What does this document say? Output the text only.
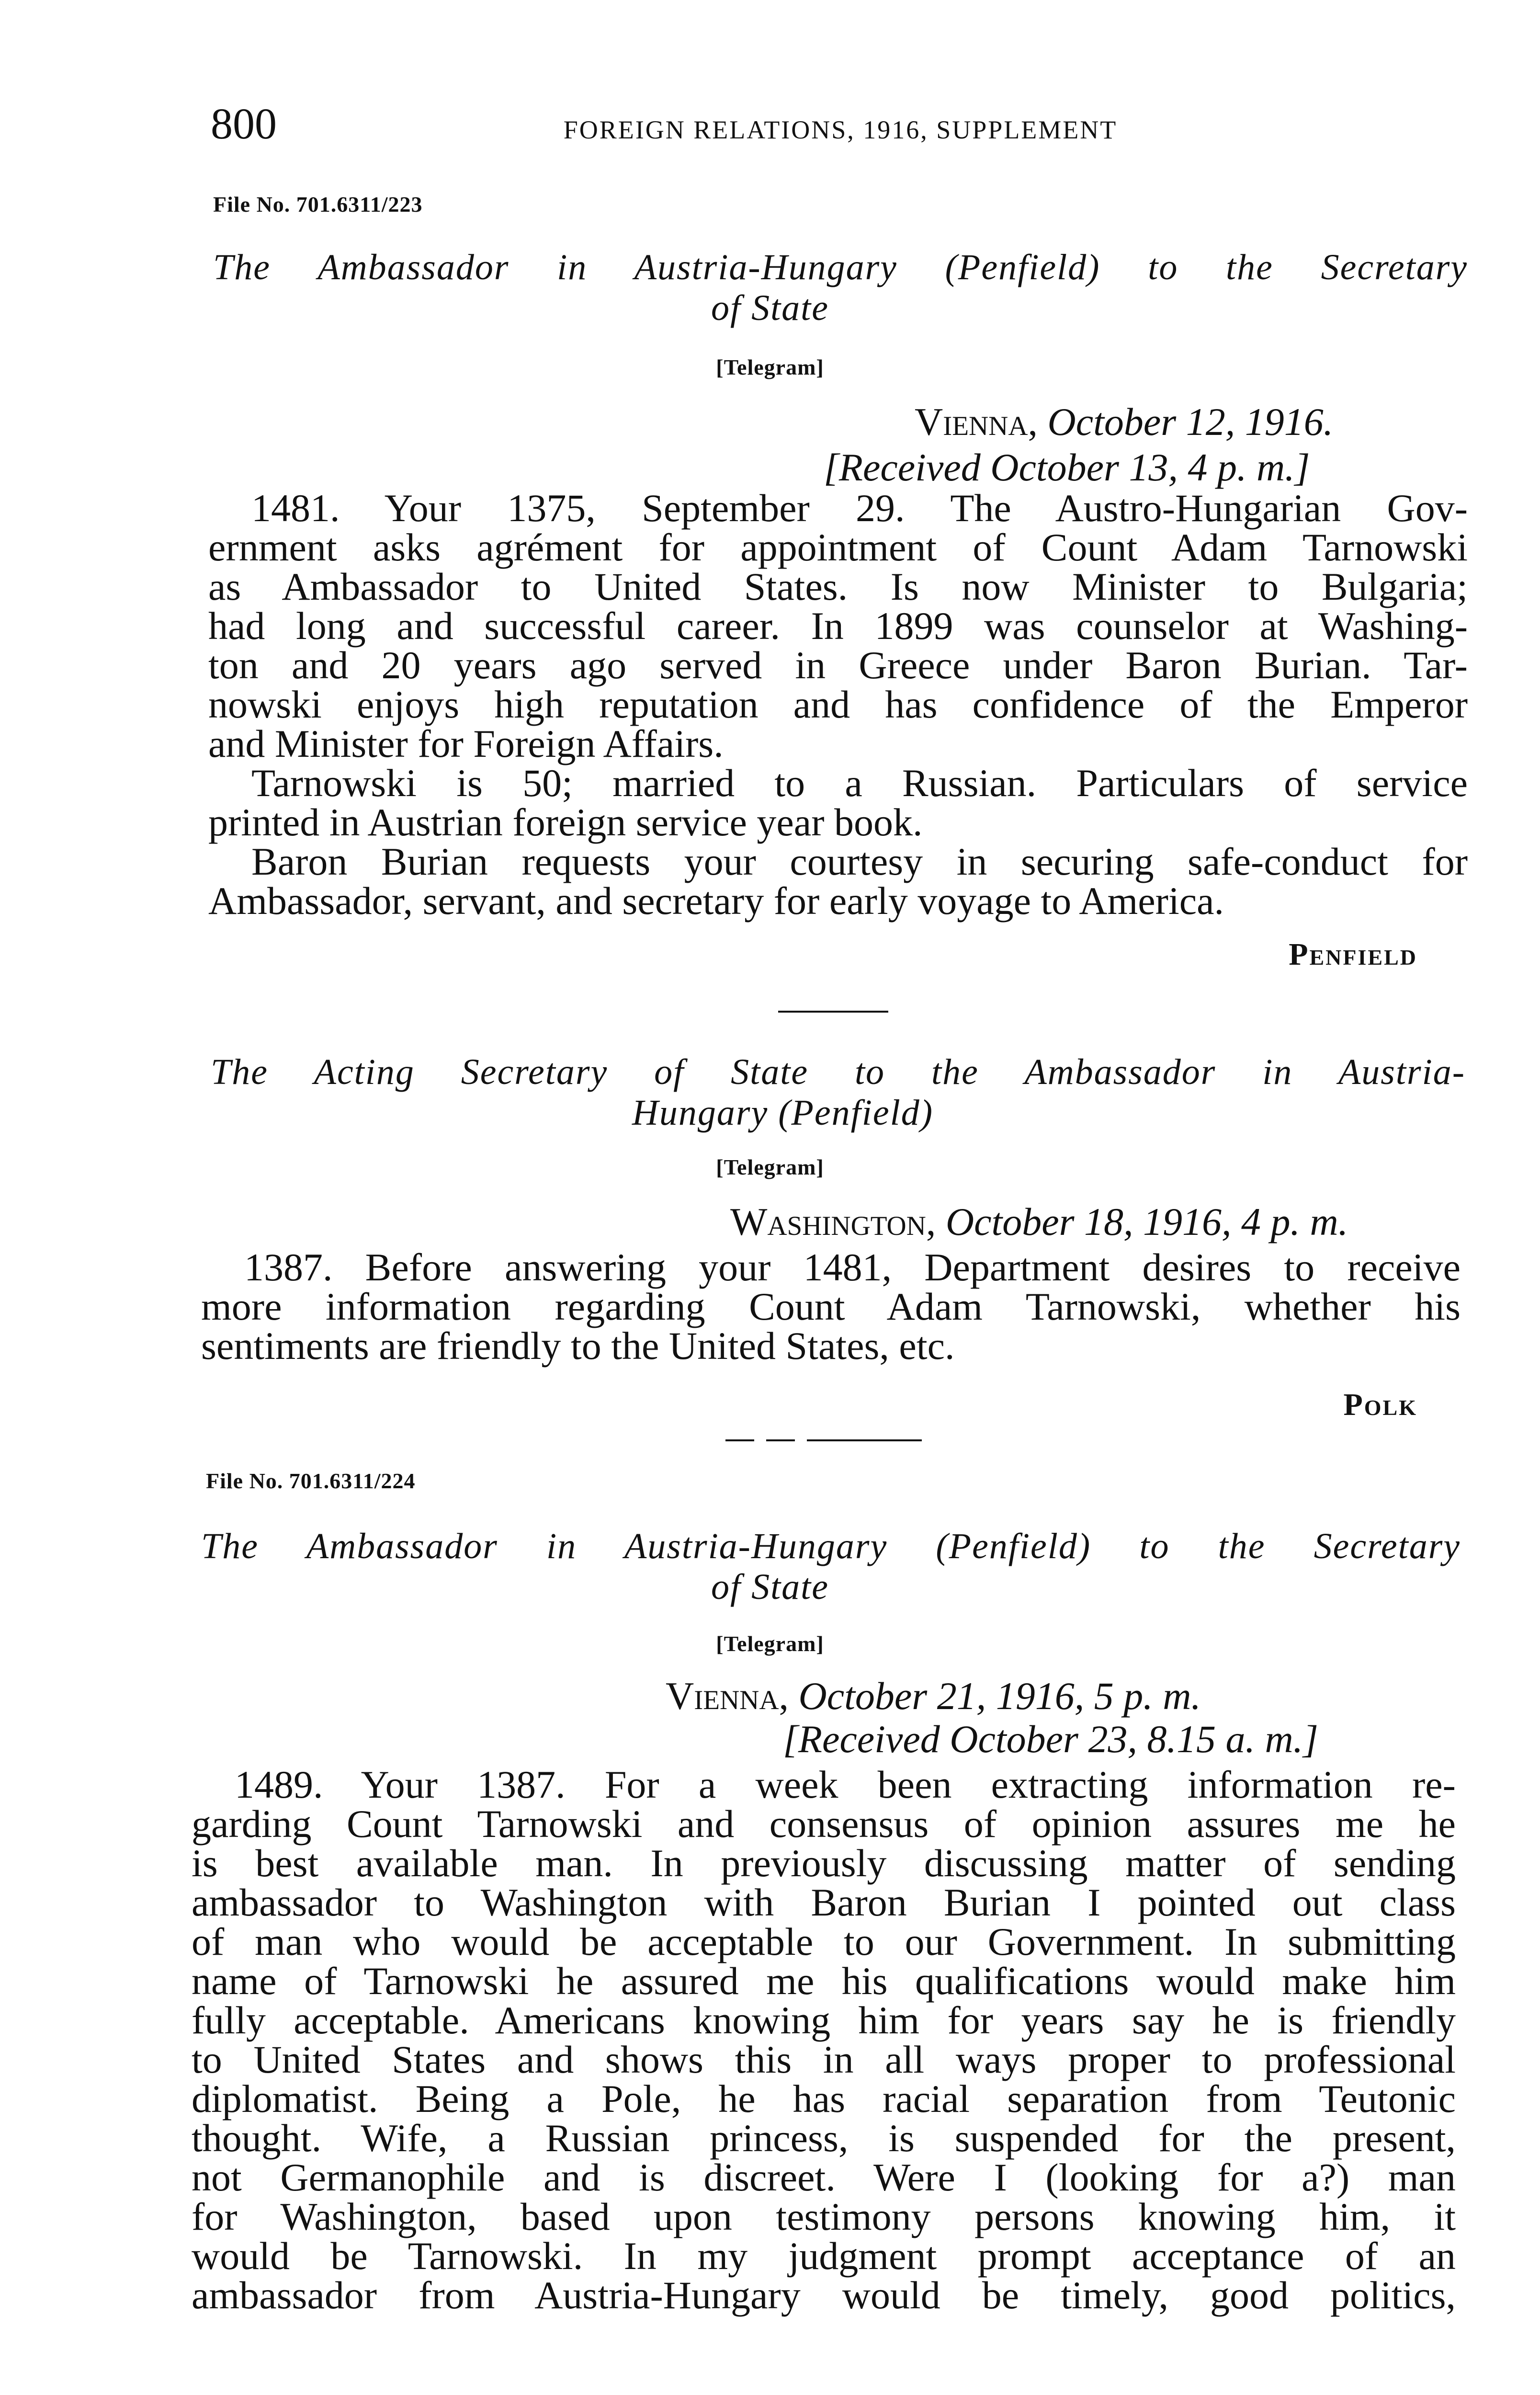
800	FOREIGN RELATIONS, 1916, SUPPLEMENT
File No. 701.6311/223
The Ambassador in Austria-Hungary (Penfield) to the Secretary
of State
[Telegram]
Vienna, October 12, 1916.
[Received October 13, 4 p. m.]
1481. Your 1375, September 29. The Austro-Hungarian Gov-
ernment asks agrément for appointment of Count Adam Tarnowski
as Ambassador to United States. Is now Minister to Bulgaria;
had long and successful career. In 1899 was counselor at Washing-
ton and 20 years ago served in Greece under Baron Burian. Tar-
nowski enjoys high reputation and has confidence of the Emperor
and Minister for Foreign Affairs.
Tarnowski is 50; married to a Russian. Particulars of service
printed in Austrian foreign service year book.
Baron Burian requests your courtesy in securing safe-conduct for
Ambassador, servant, and secretary for early voyage to America.
Penfield
The Acting Secretary of State to the Ambassador in Austria-
Hungary (Penfield)
[Telegram]
Washington, October 18, 1916, 4 p. m.
1387. Before answering your 1481, Department desires to receive
more information regarding Count Adam Tarnowski, whether his
sentiments are friendly to the United States, etc.
Polk
File No. 701.6311/224
The Ambassador in Austria-Hungary (Penfield) to the Secretary
of State
[Telegram]
Vienna, October 21, 1916, 5 p. m.
[Received October 23, 8.15 a. m.]
1489. Your 1387. For a week been extracting information re-
garding Count Tarnowski and consensus of opinion assures me he
is best available man. In previously discussing matter of sending
ambassador to Washington with Baron Burian I pointed out class
of man who would be acceptable to our Government. In submitting
name of Tarnowski he assured me his qualifications would make him
fully acceptable. Americans knowing him for years say he is friendly
to United States and shows this in all ways proper to professional
diplomatist. Being a Pole, he has racial separation from Teutonic
thought. Wife, a Russian princess, is suspended for the present,
not Germanophile and is discreet. Were I (looking for a?) man
for Washington, based upon testimony persons knowing him, it
would be Tarnowski. In my judgment prompt acceptance of an
ambassador from Austria-Hungary would be timely, good politics,
